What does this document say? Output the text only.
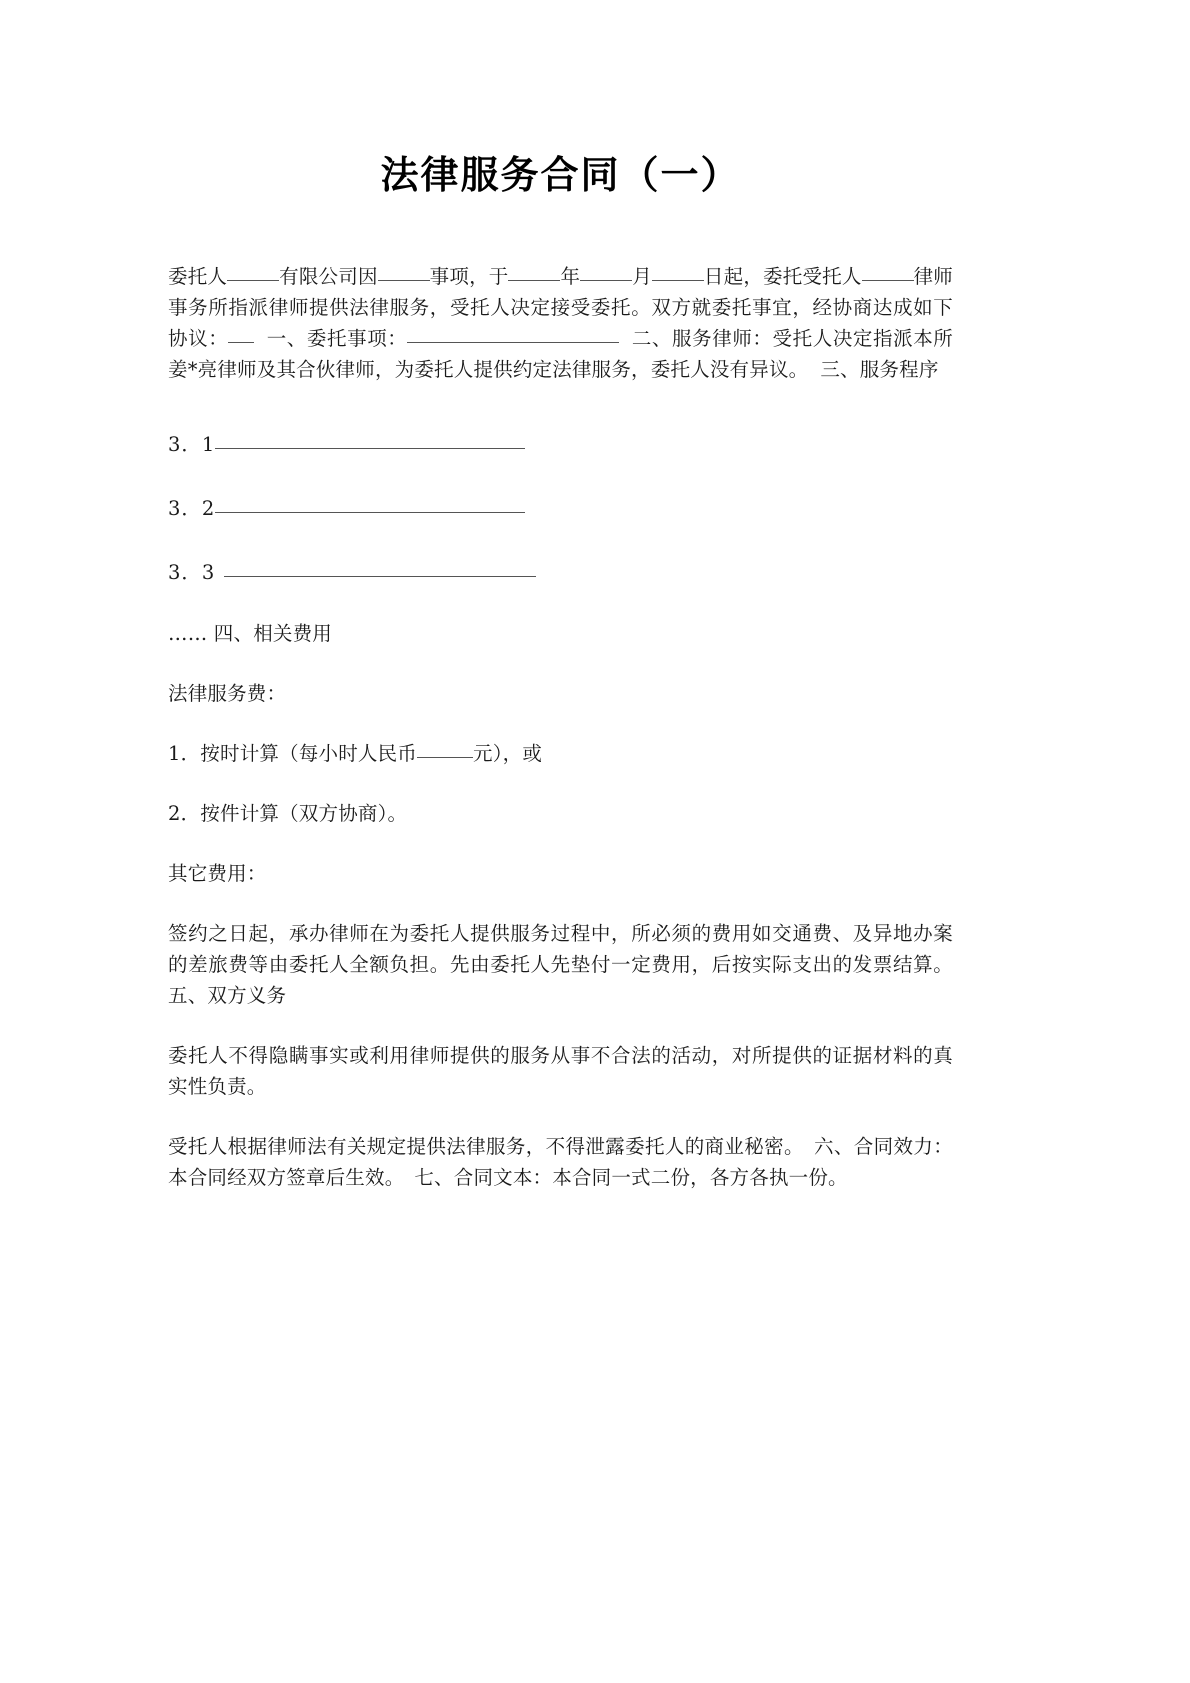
法律服务合同（一）

委托人	有限公司因	事项，于	年	月	日起，委托受托人	律师事务所指派律师提供法律服务，受托人决定接受委托。双方就委托事宜，经协商达成如下协议： 一、委托事项：	二、服务律师：受托人决定指派本所姜*亮律师及其合伙律师，为委托人提供约定法律服务，委托人没有异议。 三、服务程序

3．1

3．2

3．3

…… 四、相关费用

法律服务费：

1．按时计算（每小时人民币	元），或

2．按件计算（双方协商）。

其它费用：

签约之日起，承办律师在为委托人提供服务过程中，所必须的费用如交通费、及异地办案的差旅费等由委托人全额负担。先由委托人先垫付一定费用，后按实际支出的发票结算。五、双方义务

委托人不得隐瞒事实或利用律师提供的服务从事不合法的活动，对所提供的证据材料的真实性负责。

受托人根据律师法有关规定提供法律服务，不得泄露委托人的商业秘密。　六、合同效力：本合同经双方签章后生效。　七、合同文本：本合同一式二份，各方各执一份。
